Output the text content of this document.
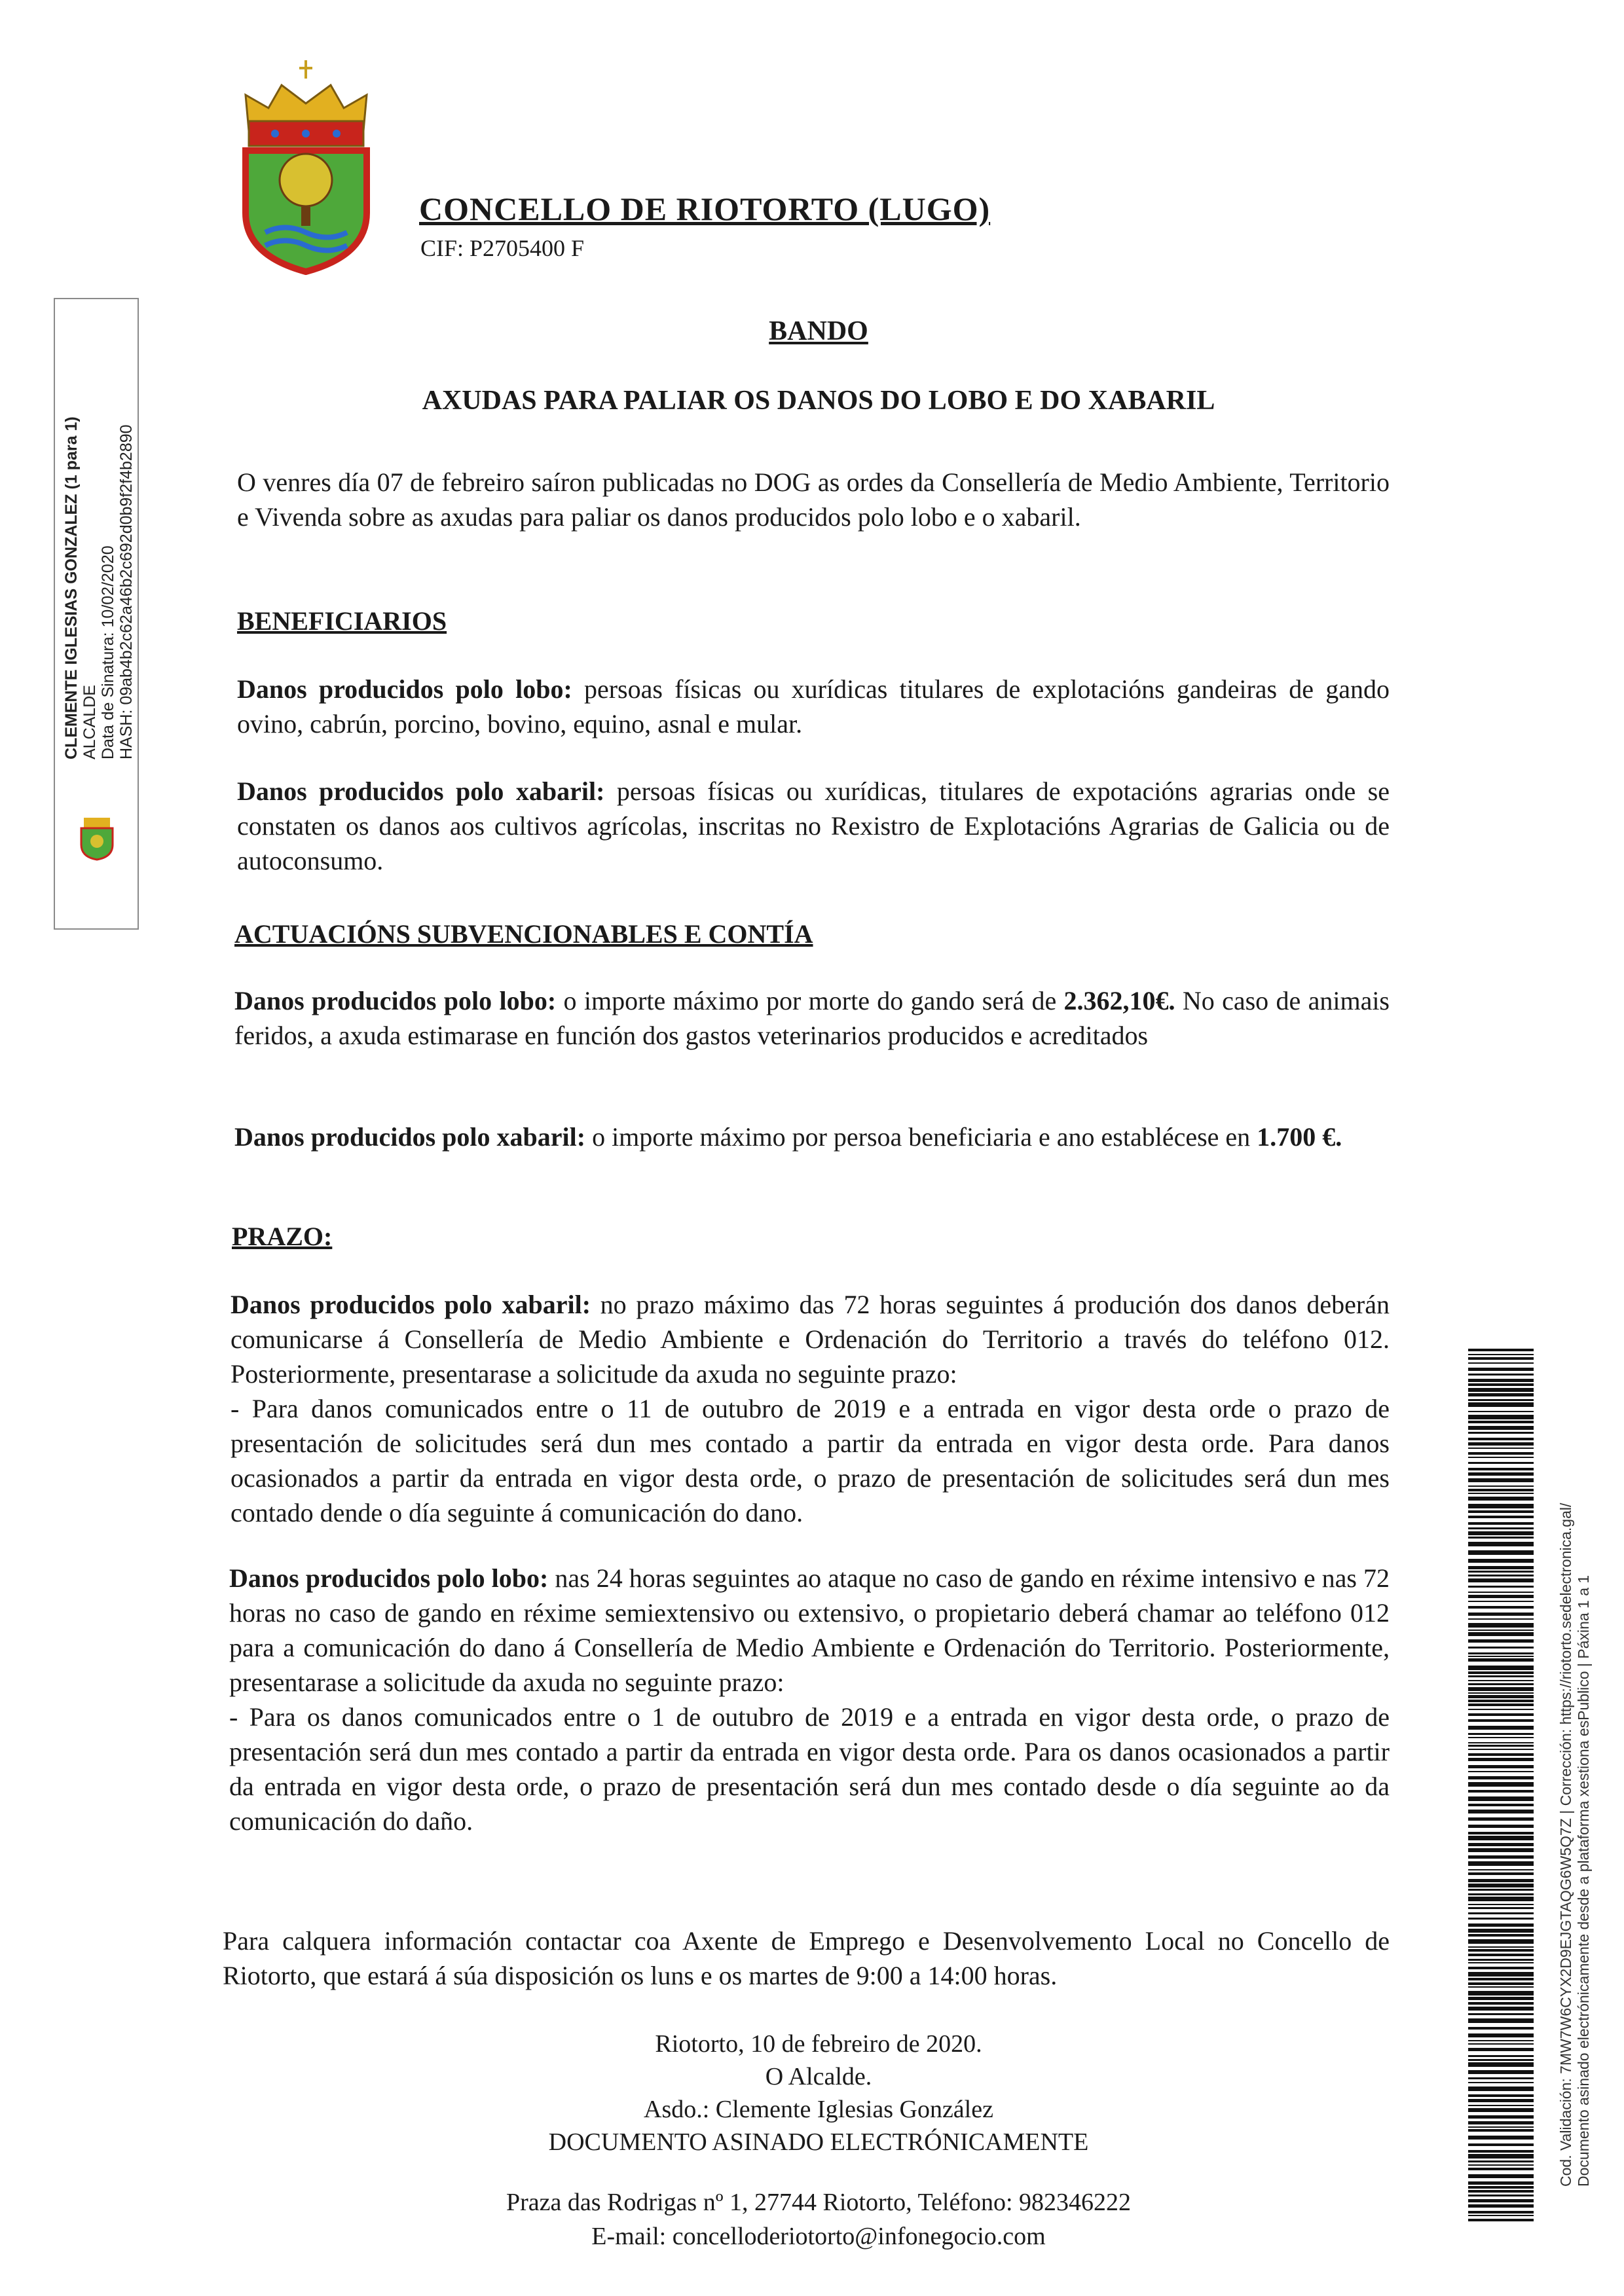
CONCELLO DE RIOTORTO (LUGO)
CIF: P2705400 F
BANDO
AXUDAS PARA PALIAR OS DANOS DO LOBO E DO XABARIL

O venres día 07 de febreiro saíron publicadas no DOG as ordes da Consellería de Medio Ambiente, Territorio e Vivenda sobre as axudas para paliar os danos producidos polo lobo e o xabaril.

BENEFICIARIOS

Danos producidos polo lobo: persoas físicas ou xurídicas titulares de explotacións gandeiras de gando ovino, cabrún, porcino, bovino, equino, asnal e mular.

Danos producidos polo xabaril: persoas físicas ou xurídicas, titulares de expotacións agrarias onde se constaten os danos aos cultivos agrícolas, inscritas no Rexistro de Explotacións Agrarias de Galicia ou de autoconsumo.

ACTUACIÓNS SUBVENCIONABLES E CONTÍA

Danos producidos polo lobo: o importe máximo por morte do gando será de 2.362,10€. No caso de animais feridos, a axuda estimarase en función dos gastos veterinarios producidos e acreditados

Danos producidos polo xabaril: o importe máximo por persoa beneficiaria e ano establécese en 1.700 €.

PRAZO:

Danos producidos polo xabaril: no prazo máximo das 72 horas seguintes á produción dos danos deberán comunicarse á Consellería de Medio Ambiente e Ordenación do Territorio a través do teléfono 012. Posteriormente, presentarase a solicitude da axuda no seguinte prazo:
- Para danos comunicados entre o 11 de outubro de 2019 e a entrada en vigor desta orde o prazo de presentación de solicitudes será dun mes contado a partir da entrada en vigor desta orde. Para danos ocasionados a partir da entrada en vigor desta orde, o prazo de presentación de solicitudes será dun mes contado dende o día seguinte á comunicación do dano.

Danos producidos polo lobo: nas 24 horas seguintes ao ataque no caso de gando en réxime intensivo e nas 72 horas no caso de gando en réxime semiextensivo ou extensivo, o propietario deberá chamar ao teléfono 012 para a comunicación do dano á Consellería de Medio Ambiente e Ordenación do Territorio. Posteriormente, presentarase a solicitude da axuda no seguinte prazo:
- Para os danos comunicados entre o 1 de outubro de 2019 e a entrada en vigor desta orde, o prazo de presentación será dun mes contado a partir da entrada en vigor desta orde. Para os danos ocasionados a partir da entrada en vigor desta orde, o prazo de presentación será dun mes contado desde o día seguinte ao da comunicación do daño.

Para calquera información contactar coa Axente de Emprego e Desenvolvemento Local no Concello de Riotorto, que estará á súa disposición os luns e os martes de 9:00 a 14:00 horas.

Riotorto, 10 de febreiro de 2020.
O Alcalde.
Asdo.: Clemente Iglesias González
DOCUMENTO ASINADO ELECTRÓNICAMENTE
Praza das Rodrigas nº 1, 27744 Riotorto, Teléfono: 982346222
E-mail: concelloderiotorto@infonegocio.com
CLEMENTE IGLESIAS GONZALEZ (1 para 1) ALCALDE Data de Sinatura: 10/02/2020 HASH: 09ab4b2c62a46b2c692d0b9f2f4b2890
Cod. Validación: 7MW7W6CYX2D9EJGTAQG6W5Q7Z | Corrección: https://riotorto.sedelectronica.gal/ Documento asinado electrónicamente desde a plataforma xestiona esPublico | Páxina 1 a 1
